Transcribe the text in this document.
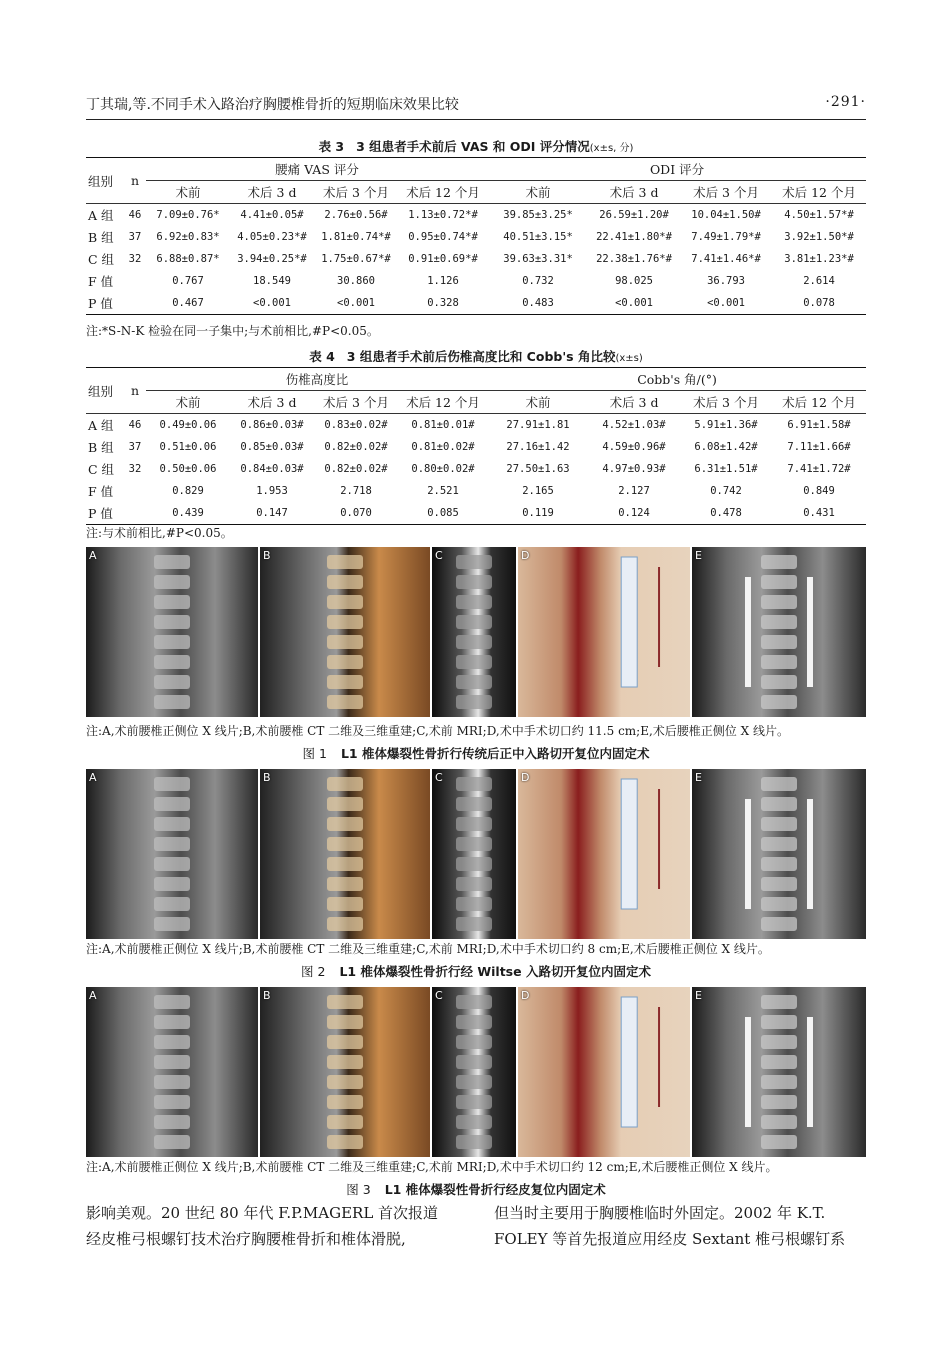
丁其瑞,等.不同手术入路治疗胸腰椎骨折的短期临床效果比较	·291·
表 3 3 组患者手术前后 VAS 和 ODI 评分情况(x±s, 分)
组别	n	腰痛 VAS 评分				ODI 评分			
		术前	术后 3 d	术后 3 个月	术后 12 个月	术前	术后 3 d	术后 3 个月	术后 12 个月
A 组	46	7.09±0.76*	4.41±0.05#	2.76±0.56#	1.13±0.72*#	39.85±3.25*	26.59±1.20#	10.04±1.50#	4.50±1.57*#
B 组	37	6.92±0.83*	4.05±0.23*#	1.81±0.74*#	0.95±0.74*#	40.51±3.15*	22.41±1.80*#	7.49±1.79*#	3.92±1.50*#
C 组	32	6.88±0.87*	3.94±0.25*#	1.75±0.67*#	0.91±0.69*#	39.63±3.31*	22.38±1.76*#	7.41±1.46*#	3.81±1.23*#
F 值		0.767	18.549	30.860	1.126	0.732	98.025	36.793	2.614
P 值		0.467	<0.001	<0.001	0.328	0.483	<0.001	<0.001	0.078
注:*S-N-K 检验在同一子集中;与术前相比,#P<0.05。
表 4 3 组患者手术前后伤椎高度比和 Cobb's 角比较(x±s)
组别	n	伤椎高度比				Cobb's 角/(°)			
		术前	术后 3 d	术后 3 个月	术后 12 个月	术前	术后 3 d	术后 3 个月	术后 12 个月
A 组	46	0.49±0.06	0.86±0.03#	0.83±0.02#	0.81±0.01#	27.91±1.81	4.52±1.03#	5.91±1.36#	6.91±1.58#
B 组	37	0.51±0.06	0.85±0.03#	0.82±0.02#	0.81±0.02#	27.16±1.42	4.59±0.96#	6.08±1.42#	7.11±1.66#
C 组	32	0.50±0.06	0.84±0.03#	0.82±0.02#	0.80±0.02#	27.50±1.63	4.97±0.93#	6.31±1.51#	7.41±1.72#
F 值		0.829	1.953	2.718	2.521	2.165	2.127	0.742	0.849
P 值		0.439	0.147	0.070	0.085	0.119	0.124	0.478	0.431
注:与术前相比,#P<0.05。
A	B	C	D	E
注:A,术前腰椎正侧位 X 线片;B,术前腰椎 CT 二维及三维重建;C,术前 MRI;D,术中手术切口约 11.5 cm;E,术后腰椎正侧位 X 线片。
图 1 L1 椎体爆裂性骨折行传统后正中入路切开复位内固定术
A	B	C	D	E
注:A,术前腰椎正侧位 X 线片;B,术前腰椎 CT 二维及三维重建;C,术前 MRI;D,术中手术切口约 8 cm;E,术后腰椎正侧位 X 线片。
图 2 L1 椎体爆裂性骨折行经 Wiltse 入路切开复位内固定术
A	B	C	D	E
注:A,术前腰椎正侧位 X 线片;B,术前腰椎 CT 二维及三维重建;C,术前 MRI;D,术中手术切口约 12 cm;E,术后腰椎正侧位 X 线片。
图 3 L1 椎体爆裂性骨折行经皮复位内固定术
影响美观。20 世纪 80 年代 F.P.MAGERL 首次报道
经皮椎弓根螺钉技术治疗胸腰椎骨折和椎体滑脱,
但当时主要用于胸腰椎临时外固定。2002 年 K.T.
FOLEY 等首先报道应用经皮 Sextant 椎弓根螺钉系
